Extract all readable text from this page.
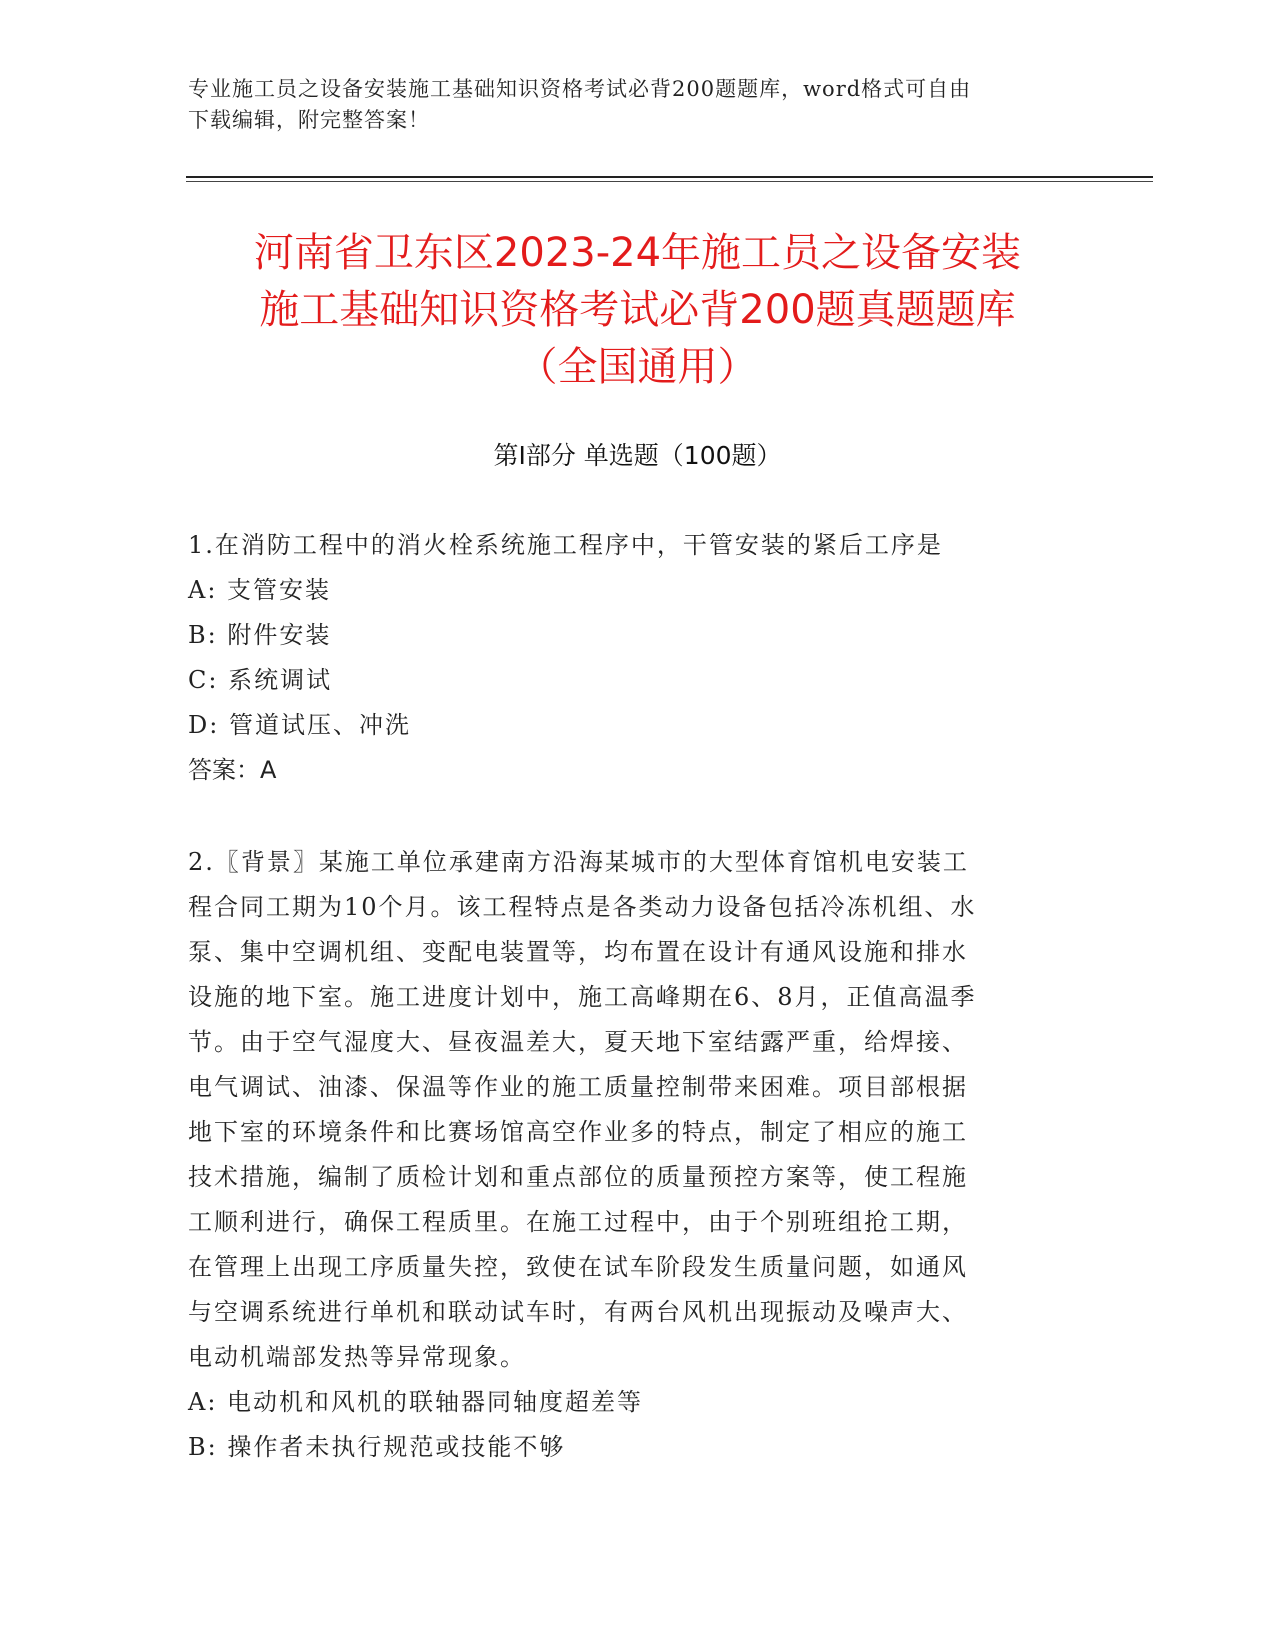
专业施工员之设备安装施工基础知识资格考试必背200题题库，word格式可自由
下载编辑，附完整答案！
河南省卫东区2023-24年施工员之设备安装
施工基础知识资格考试必背200题真题题库
（全国通用）
第Ⅰ部分 单选题（100题）
1.在消防工程中的消火栓系统施工程序中，干管安装的紧后工序是
A: 支管安装
B: 附件安装
C: 系统调试
D: 管道试压、冲洗
答案：A
2.〖背景〗某施工单位承建南方沿海某城市的大型体育馆机电安装工
程合同工期为10个月。该工程特点是各类动力设备包括冷冻机组、水
泵、集中空调机组、变配电装置等，均布置在设计有通风设施和排水
设施的地下室。施工进度计划中，施工高峰期在6、8月，正值高温季
节。由于空气湿度大、昼夜温差大，夏天地下室结露严重，给焊接、
电气调试、油漆、保温等作业的施工质量控制带来困难。项目部根据
地下室的环境条件和比赛场馆高空作业多的特点，制定了相应的施工
技术措施，编制了质检计划和重点部位的质量预控方案等，使工程施
工顺利进行，确保工程质里。在施工过程中，由于个别班组抢工期，
在管理上出现工序质量失控，致使在试车阶段发生质量问题，如通风
与空调系统进行单机和联动试车时，有两台风机出现振动及噪声大、
电动机端部发热等异常现象。
A: 电动机和风机的联轴器同轴度超差等
B: 操作者未执行规范或技能不够
